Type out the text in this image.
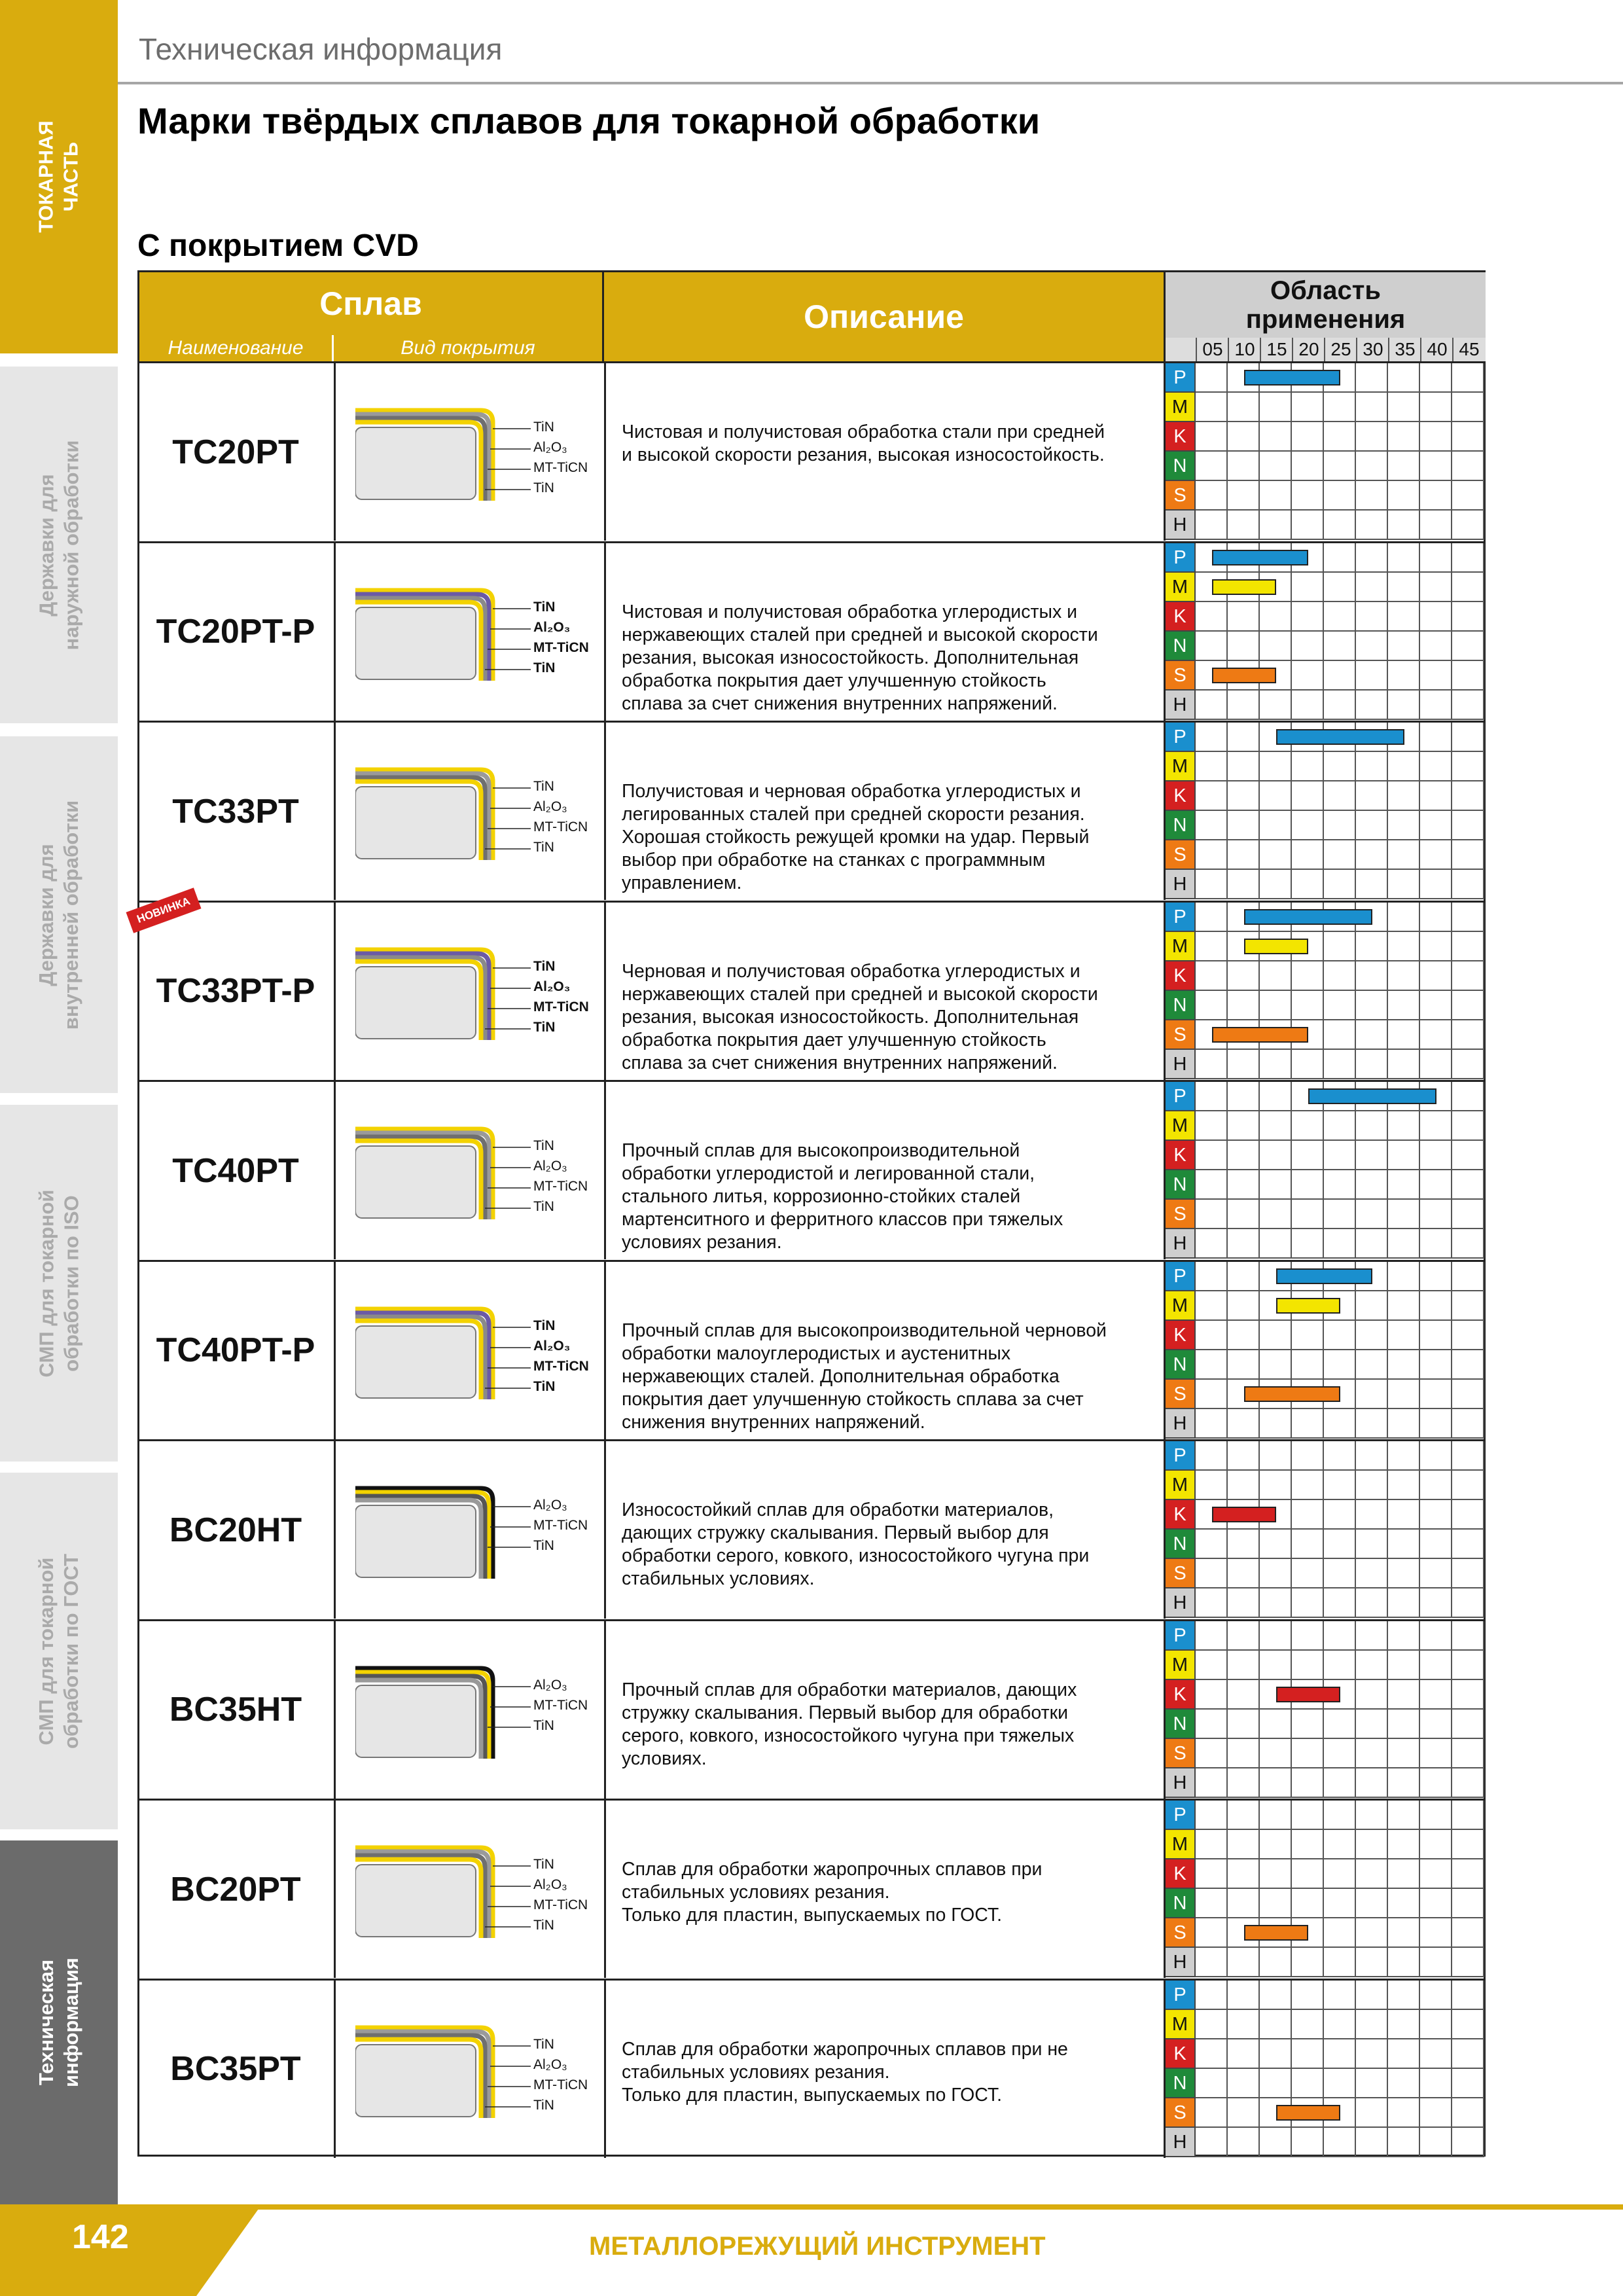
ТОКАРНАЯ
ЧАСТЬ
Державки для
наружной обработки
Державки для
внутренней обработки
СМП для токарной
обработки по ISO
СМП для токарной
обработки по ГОСТ
Техническая
информация
Техническая информация
Марки твёрдых сплавов для токарной обработки
С покрытием CVD
Сплав
Наименование	Вид покрытия
Описание
Область
применения
05 10 15 20 25 30 35 40 45
TC20PT
TiN
Al₂O₃
MT-TiCN
TiN
Чистовая и получистовая обработка стали при средней
и высокой скорости резания, высокая износостойкость.
P
M
K
N
S
H
TC20PT-P
TiN
Al₂O₃
MT-TiCN
TiN
Чистовая и получистовая обработка углеродистых и
нержавеющих сталей при средней и высокой скорости
резания, высокая износостойкость. Дополнительная
обработка покрытия дает улучшенную стойкость
сплава за счет снижения внутренних напряжений.
P
M
K
N
S
H
TC33PT
TiN
Al₂O₃
MT-TiCN
TiN
Получистовая и черновая обработка углеродистых и
легированных сталей при средней скорости резания.
Хорошая стойкость режущей кромки на удар. Первый
выбор при обработке на станках с программным
управлением.
P
M
K
N
S
H
TC33PT-P
TiN
Al₂O₃
MT-TiCN
TiN
Черновая и получистовая обработка углеродистых и
нержавеющих сталей при средней и высокой скорости
резания, высокая износостойкость. Дополнительная
обработка покрытия дает улучшенную стойкость
сплава за счет снижения внутренних напряжений.
P
M
K
N
S
H
TC40PT
TiN
Al₂O₃
MT-TiCN
TiN
Прочный сплав для высокопроизводительной
обработки углеродистой и легированной стали,
стального литья, коррозионно-стойких сталей
мартенситного и ферритного классов при тяжелых
условиях резания.
P
M
K
N
S
H
TC40PT-P
TiN
Al₂O₃
MT-TiCN
TiN
Прочный сплав для высокопроизводительной черновой
обработки малоуглеродистых и аустенитных
нержавеющих сталей. Дополнительная обработка
покрытия дает улучшенную стойкость сплава за счет
снижения внутренних напряжений.
P
M
K
N
S
H
BC20HT
Al₂O₃
MT-TiCN
TiN
Износостойкий сплав для обработки материалов,
дающих стружку скалывания. Первый выбор для
обработки серого, ковкого, износостойкого чугуна при
стабильных условиях.
P
M
K
N
S
H
BC35HT
Al₂O₃
MT-TiCN
TiN
Прочный сплав для обработки материалов, дающих
стружку скалывания. Первый выбор для обработки
серого, ковкого, износостойкого чугуна при тяжелых
условиях.
P
M
K
N
S
H
BC20PT
TiN
Al₂O₃
MT-TiCN
TiN
Сплав для обработки жаропрочных сплавов при
стабильных условиях резания.
Только для пластин, выпускаемых по ГОСТ.
P
M
K
N
S
H
BC35PT
TiN
Al₂O₃
MT-TiCN
TiN
Сплав для обработки жаропрочных сплавов при не
стабильных условиях резания.
Только для пластин, выпускаемых по ГОСТ.
P
M
K
N
S
H
НОВИНКА
142	МЕТАЛЛОРЕЖУЩИЙ ИНСТРУМЕНТ
